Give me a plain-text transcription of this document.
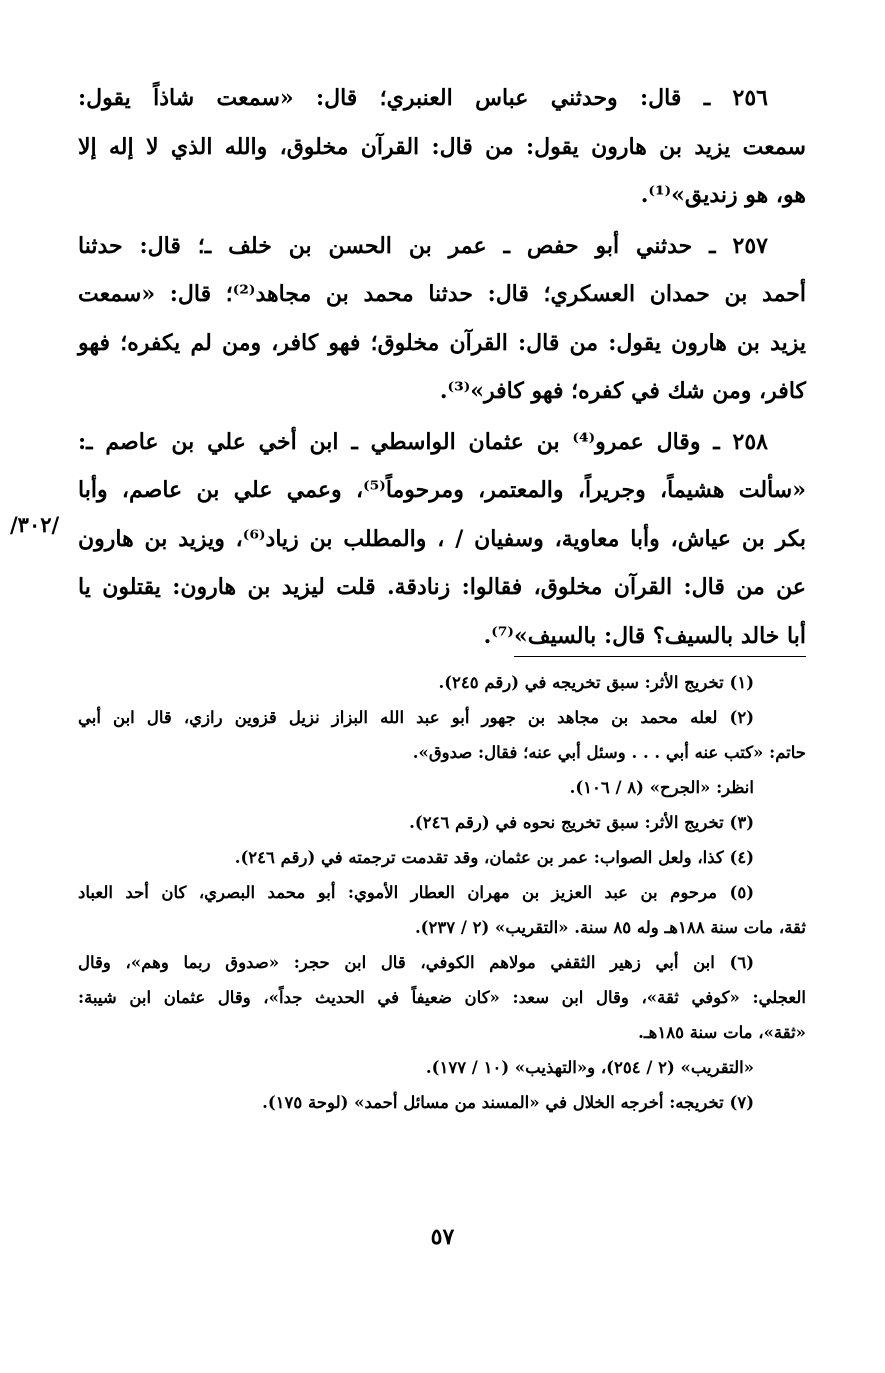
٢٥٦ ـ قال: وحدثني عباس العنبري؛ قال: «سمعت شاذاً يقول:
سمعت يزيد بن هارون يقول: من قال: القرآن مخلوق، والله الذي لا إله إلا
هو، هو زنديق»⁽¹⁾.
٢٥٧ ـ حدثني أبو حفص ـ عمر بن الحسن بن خلف ـ؛ قال: حدثنا
أحمد بن حمدان العسكري؛ قال: حدثنا محمد بن مجاهد⁽²⁾؛ قال: «سمعت
يزيد بن هارون يقول: من قال: القرآن مخلوق؛ فهو كافر، ومن لم يكفره؛ فهو
كافر، ومن شك في كفره؛ فهو كافر»⁽³⁾.
٢٥٨ ـ وقال عمرو⁽⁴⁾ بن عثمان الواسطي ـ ابن أخي علي بن عاصم ـ:
«سألت هشيماً، وجريراً، والمعتمر، ومرحوماً⁽⁵⁾، وعمي علي بن عاصم، وأبا
بكر بن عياش، وأبا معاوية، وسفيان / ، والمطلب بن زياد⁽⁶⁾، ويزيد بن هارون
عن من قال: القرآن مخلوق، فقالوا: زنادقة. قلت ليزيد بن هارون: يقتلون يا
أبا خالد بالسيف؟ قال: بالسيف»⁽⁷⁾.
/٣٠٢/
(١) تخريج الأثر: سبق تخريجه في (رقم ٢٤٥).
(٢) لعله محمد بن مجاهد بن جهور أبو عبد الله البزاز نزيل قزوين رازي، قال ابن أبي
حاتم: «كتب عنه أبي . . . وسئل أبي عنه؛ فقال: صدوق».
انظر: «الجرح» (٨ / ١٠٦).
(٣) تخريج الأثر: سبق تخريج نحوه في (رقم ٢٤٦).
(٤) كذا، ولعل الصواب: عمر بن عثمان، وقد تقدمت ترجمته في (رقم ٢٤٦).
(٥) مرحوم بن عبد العزيز بن مهران العطار الأموي: أبو محمد البصري، كان أحد العباد
ثقة، مات سنة ١٨٨هـ وله ٨٥ سنة. «التقريب» (٢ / ٢٣٧).
(٦) ابن أبي زهير الثقفي مولاهم الكوفي، قال ابن حجر: «صدوق ربما وهم»، وقال
العجلي: «كوفي ثقة»، وقال ابن سعد: «كان ضعيفاً في الحديث جداً»، وقال عثمان ابن شيبة:
«ثقة»، مات سنة ١٨٥هـ.
«التقريب» (٢ / ٢٥٤)، و«التهذيب» (١٠ / ١٧٧).
(٧) تخريجه: أخرجه الخلال في «المسند من مسائل أحمد» (لوحة ١٧٥).
٥٧
